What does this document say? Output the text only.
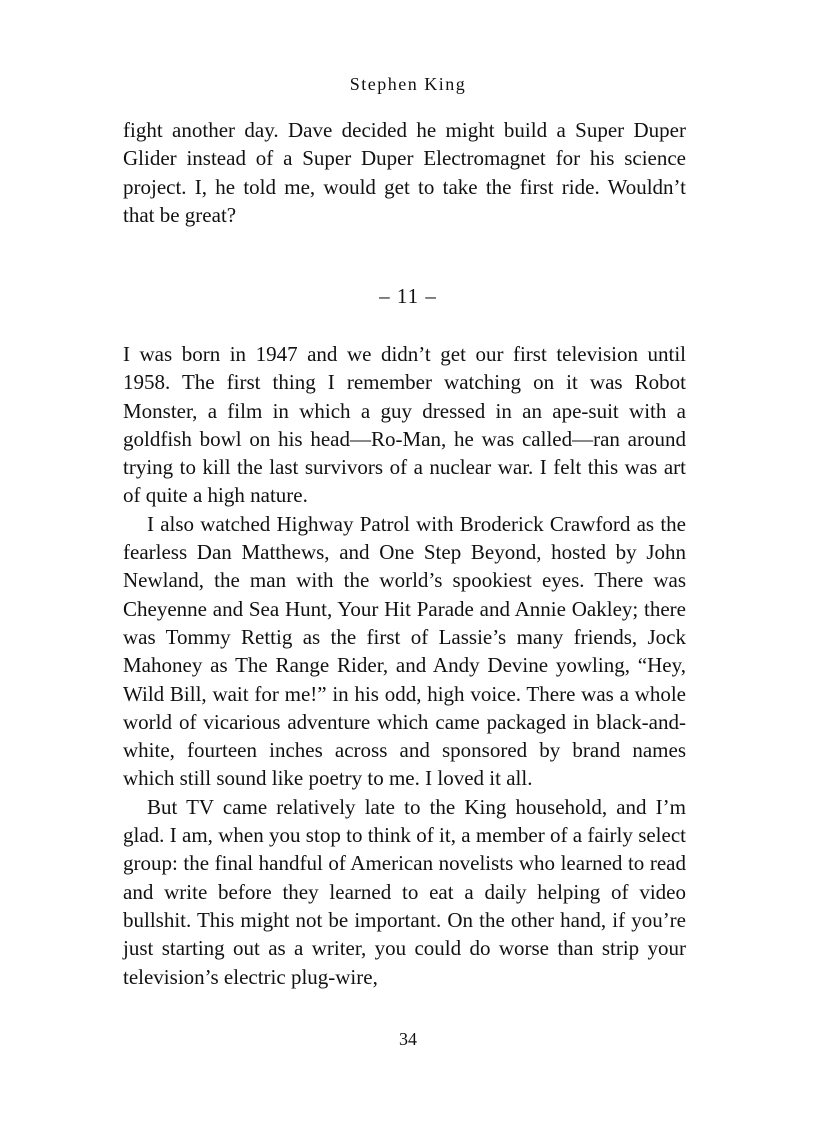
Stephen King

fight another day. Dave decided he might build a Super Duper Glider instead of a Super Duper Electromagnet for his science project. I, he told me, would get to take the first ride. Wouldn’t that be great?

– 11 –

I was born in 1947 and we didn’t get our first television until 1958. The first thing I remember watching on it was Robot Monster, a film in which a guy dressed in an ape-suit with a goldfish bowl on his head—Ro-Man, he was called—ran around trying to kill the last survivors of a nuclear war. I felt this was art of quite a high nature.

I also watched Highway Patrol with Broderick Crawford as the fearless Dan Matthews, and One Step Beyond, hosted by John Newland, the man with the world’s spookiest eyes. There was Cheyenne and Sea Hunt, Your Hit Parade and Annie Oakley; there was Tommy Rettig as the first of Lassie’s many friends, Jock Mahoney as The Range Rider, and Andy Devine yowling, “Hey, Wild Bill, wait for me!” in his odd, high voice. There was a whole world of vicarious adventure which came packaged in black-and-white, fourteen inches across and sponsored by brand names which still sound like poetry to me. I loved it all.

But TV came relatively late to the King household, and I’m glad. I am, when you stop to think of it, a member of a fairly select group: the final handful of American novelists who learned to read and write before they learned to eat a daily helping of video bullshit. This might not be important. On the other hand, if you’re just starting out as a writer, you could do worse than strip your television’s electric plug-wire,

34
